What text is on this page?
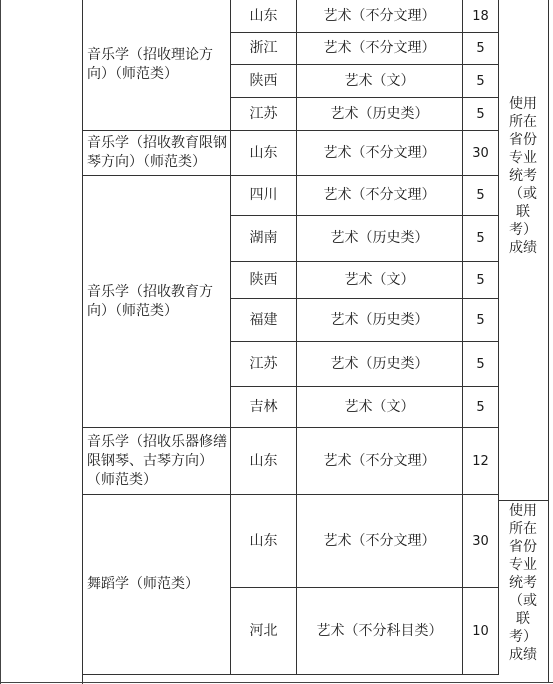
音乐学（招收理论方向）（师范类）	山东	艺术（不分文理）	18
	浙江	艺术（不分文理）	5
	陕西	艺术（文）	5
	江苏	艺术（历史类）	5
音乐学（招收教育限钢琴方向）（师范类）	山东	艺术（不分文理）	30
音乐学（招收教育方向）（师范类）	四川	艺术（不分文理）	5
	湖南	艺术（历史类）	5
	陕西	艺术（文）	5
	福建	艺术（历史类）	5
	江苏	艺术（历史类）	5
	吉林	艺术（文）	5
音乐学（招收乐器修缮限钢琴、古琴方向）（师范类）	山东	艺术（不分文理）	12
舞蹈学（师范类）	山东	艺术（不分文理）	30
	河北	艺术（不分科目类）	10
使用
所在
省份
专业
统考
（或
联
考）
成绩
使用
所在
省份
专业
统考
（或
联
考）
成绩
